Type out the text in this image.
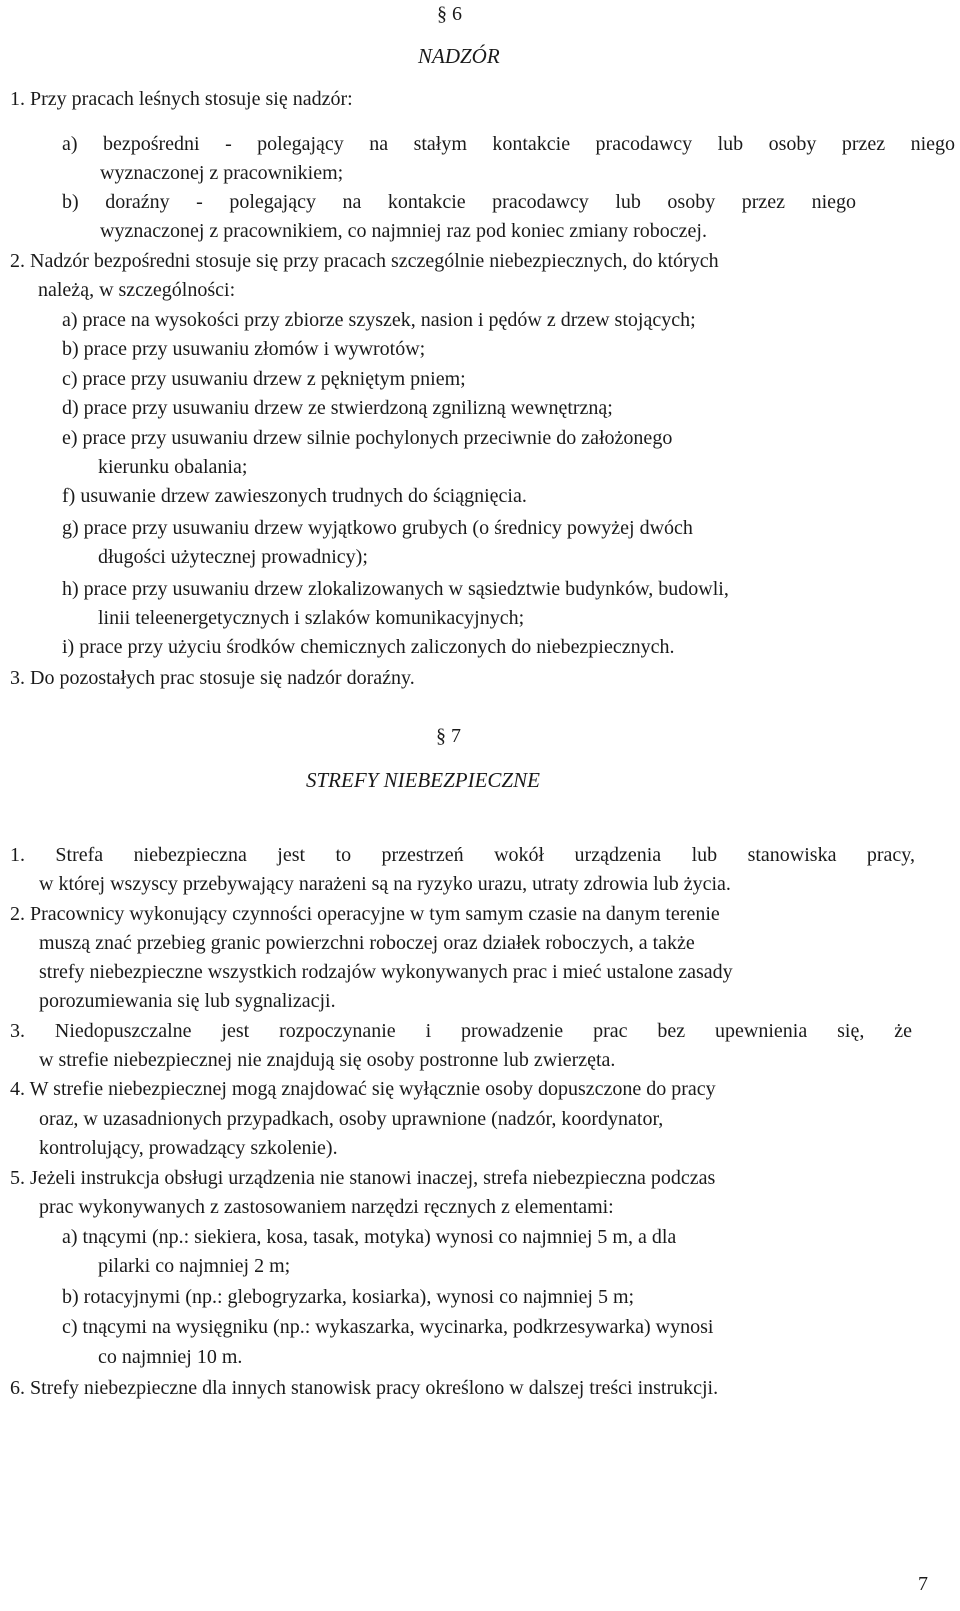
§ 6
NADZÓR
1. Przy pracach leśnych stosuje się nadzór:
a) bezpośredni - polegający na stałym kontakcie pracodawcy lub osoby przez niego
wyznaczonej z pracownikiem;
b) doraźny - polegający na kontakcie pracodawcy lub osoby przez niego
wyznaczonej z pracownikiem, co najmniej raz pod koniec zmiany roboczej.
2. Nadzór bezpośredni stosuje się przy pracach szczególnie niebezpiecznych, do których
należą, w szczególności:
a) prace na wysokości przy zbiorze szyszek, nasion i pędów z drzew stojących;
b) prace przy usuwaniu złomów i wywrotów;
c) prace przy usuwaniu drzew z pękniętym pniem;
d) prace przy usuwaniu drzew ze stwierdzoną zgnilizną wewnętrzną;
e) prace przy usuwaniu drzew silnie pochylonych przeciwnie do założonego
kierunku obalania;
f) usuwanie drzew zawieszonych trudnych do ściągnięcia.
g) prace przy usuwaniu drzew wyjątkowo grubych (o średnicy powyżej dwóch
długości użytecznej prowadnicy);
h) prace przy usuwaniu drzew zlokalizowanych w sąsiedztwie budynków, budowli,
linii teleenergetycznych i szlaków komunikacyjnych;
i) prace przy użyciu środków chemicznych zaliczonych do niebezpiecznych.
3. Do pozostałych prac stosuje się nadzór doraźny.
§ 7
STREFY NIEBEZPIECZNE
1. Strefa niebezpieczna jest to przestrzeń wokół urządzenia lub stanowiska pracy,
w której wszyscy przebywający narażeni są na ryzyko urazu, utraty zdrowia lub życia.
2. Pracownicy wykonujący czynności operacyjne w tym samym czasie na danym terenie
muszą znać przebieg granic powierzchni roboczej oraz działek roboczych, a także
strefy niebezpieczne wszystkich rodzajów wykonywanych prac i mieć ustalone zasady
porozumiewania się lub sygnalizacji.
3. Niedopuszczalne jest rozpoczynanie i prowadzenie prac bez upewnienia się, że
w strefie niebezpiecznej nie znajdują się osoby postronne lub zwierzęta.
4. W strefie niebezpiecznej mogą znajdować się wyłącznie osoby dopuszczone do pracy
oraz, w uzasadnionych przypadkach, osoby uprawnione (nadzór, koordynator,
kontrolujący, prowadzący szkolenie).
5. Jeżeli instrukcja obsługi urządzenia nie stanowi inaczej, strefa niebezpieczna podczas
prac wykonywanych z zastosowaniem narzędzi ręcznych z elementami:
a) tnącymi (np.: siekiera, kosa, tasak, motyka) wynosi co najmniej 5 m, a dla
pilarki co najmniej 2 m;
b) rotacyjnymi (np.: glebogryzarka, kosiarka), wynosi co najmniej 5 m;
c) tnącymi na wysięgniku (np.: wykaszarka, wycinarka, podkrzesywarka) wynosi
co najmniej 10 m.
6. Strefy niebezpieczne dla innych stanowisk pracy określono w dalszej treści instrukcji.
7
